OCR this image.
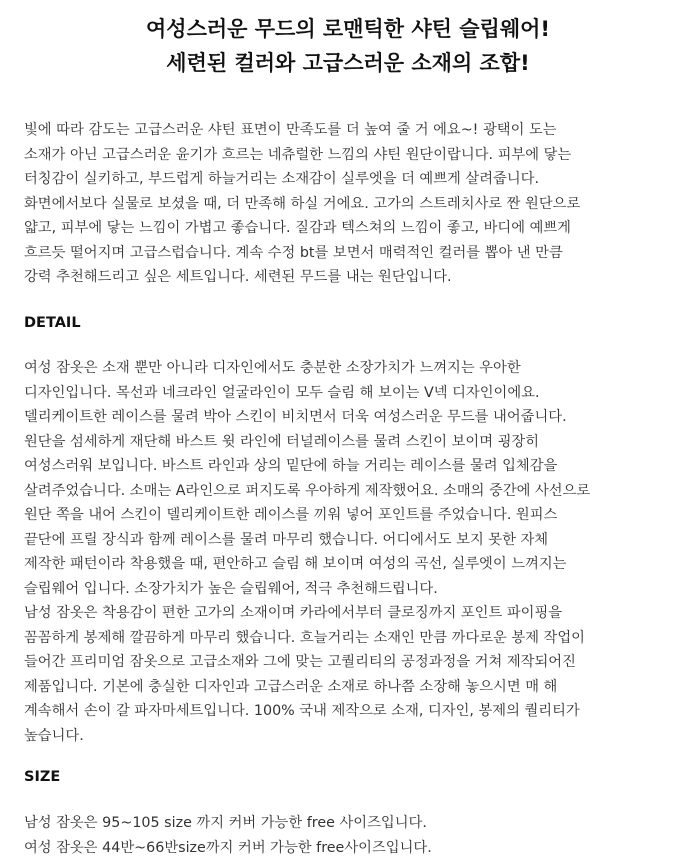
여성스러운 무드의 로맨틱한 샤틴 슬립웨어!
세련된 컬러와 고급스러운 소재의 조합!
빛에 따라 감도는 고급스러운 샤틴 표면이 만족도를 더 높여 줄 거 에요~! 광택이 도는
소재가 아닌 고급스러운 윤기가 흐르는 네츄럴한 느낌의 샤틴 원단이랍니다. 피부에 닿는
터칭감이 실키하고, 부드럽게 하늘거리는 소재감이 실루엣을 더 예쁘게 살려줍니다.
화면에서보다 실물로 보셨을 때, 더 만족해 하실 거에요. 고가의 스트레치사로 짠 원단으로
얇고, 피부에 닿는 느낌이 가볍고 좋습니다. 질감과 텍스쳐의 느낌이 좋고, 바디에 예쁘게
흐르듯 떨어지며 고급스럽습니다. 계속 수정 bt를 보면서 매력적인 컬러를 뽑아 낸 만큼
강력 추천해드리고 싶은 세트입니다. 세련된 무드를 내는 원단입니다.
DETAIL
여성 잠옷은 소재 뿐만 아니라 디자인에서도 충분한 소장가치가 느껴지는 우아한
디자인입니다. 목선과 네크라인 얼굴라인이 모두 슬림 해 보이는 V넥 디자인이에요.
델리케이트한 레이스를 물려 박아 스킨이 비치면서 더욱 여성스러운 무드를 내어줍니다.
원단을 섬세하게 재단해 바스트 윗 라인에 터널레이스를 물려 스킨이 보이며 굉장히
여성스러워 보입니다. 바스트 라인과 상의 밑단에 하늘 거리는 레이스를 물려 입체감을
살려주었습니다. 소매는 A라인으로 퍼지도록 우아하게 제작했어요. 소매의 중간에 사선으로
원단 쪽을 내어 스킨이 델리케이트한 레이스를 끼워 넣어 포인트를 주었습니다. 원피스
끝단에 프릴 장식과 함께 레이스를 물려 마무리 했습니다. 어디에서도 보지 못한 자체
제작한 패턴이라 착용했을 때, 편안하고 슬림 해 보이며 여성의 곡선, 실루엣이 느껴지는
슬립웨어 입니다. 소장가치가 높은 슬립웨어, 적극 추천해드립니다.
남성 잠옷은 착용감이 편한 고가의 소재이며 카라에서부터 클로징까지 포인트 파이핑을
꼼꼼하게 봉제해 깔끔하게 마무리 했습니다. 흐늘거리는 소재인 만큼 까다로운 봉제 작업이
들어간 프리미엄 잠옷으로 고급소재와 그에 맞는 고퀄리티의 공정과정을 거쳐 제작되어진
제품입니다. 기본에 충실한 디자인과 고급스러운 소재로 하나쯤 소장해 놓으시면 매 해
계속해서 손이 갈 파자마세트입니다. 100% 국내 제작으로 소재, 디자인, 봉제의 퀄리티가
높습니다.
SIZE
남성 잠옷은 95~105 size 까지 커버 가능한 free 사이즈입니다.
여성 잠옷은 44반~66반size까지 커버 가능한 free사이즈입니다.
